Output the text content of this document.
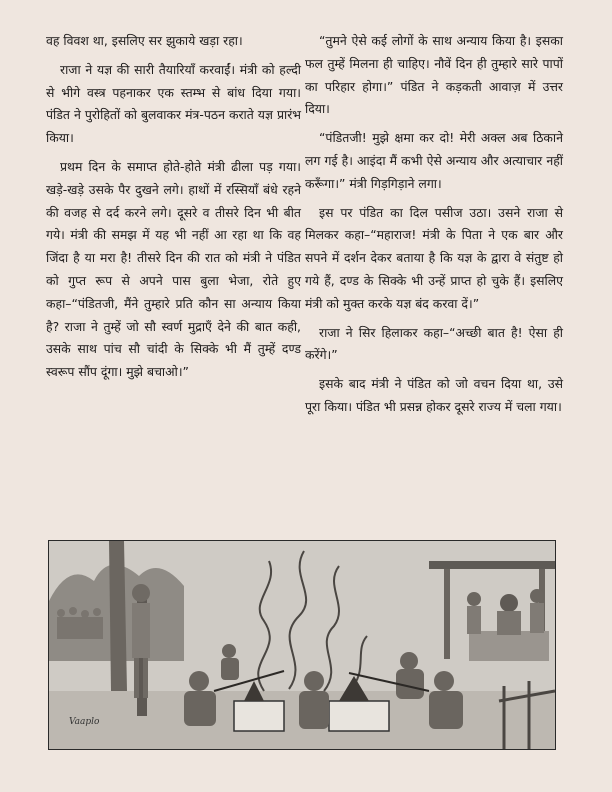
वह विवश था, इसलिए सर झुकाये खड़ा रहा।

राजा ने यज्ञ की सारी तैयारियाँ करवाईं। मंत्री को हल्दी से भीगे वस्त्र पहनाकर एक स्तम्भ से बांध दिया गया। पंडित ने पुरोहितों को बुलवाकर मंत्र-पठन कराते यज्ञ प्रारंभ किया।

प्रथम दिन के समाप्त होते-होते मंत्री ढीला पड़ गया। खड़े-खड़े उसके पैर दुखने लगे। हाथों में रस्सियाँ बंधे रहने की वजह से दर्द करने लगे। दूसरे व तीसरे दिन भी बीत गये। मंत्री की समझ में यह भी नहीं आ रहा था कि वह जिंदा है या मरा है! तीसरे दिन की रात को मंत्री ने पंडित को गुप्त रूप से अपने पास बुला भेजा, रोते हुए कहा–“पंडितजी, मैंने तुम्हारे प्रति कौन सा अन्याय किया है? राजा ने तुम्हें जो सौ स्वर्ण मुद्राएँ देने की बात कही, उसके साथ पांच सौ चांदी के सिक्के भी मैं तुम्हें दण्ड स्वरूप सौंप दूंगा। मुझे बचाओ।”

“तुमने ऐसे कई लोगों के साथ अन्याय किया है। इसका फल तुम्हें मिलना ही चाहिए। नौवें दिन ही तुम्हारे सारे पापों का परिहार होगा।” पंडित ने कड़कती आवाज़ में उत्तर दिया।

“पंडितजी! मुझे क्षमा कर दो! मेरी अक्ल अब ठिकाने लग गई है। आइंदा मैं कभी ऐसे अन्याय और अत्याचार नहीं करूँगा।” मंत्री गिड़गिड़ाने लगा।

इस पर पंडित का दिल पसीज उठा। उसने राजा से मिलकर कहा–“महाराज! मंत्री के पिता ने एक बार और सपने में दर्शन देकर बताया है कि यज्ञ के द्वारा वे संतुष्ट हो गये हैं, दण्ड के सिक्के भी उन्हें प्राप्त हो चुके हैं। इसलिए मंत्री को मुक्त करके यज्ञ बंद करवा दें।”

राजा ने सिर हिलाकर कहा–“अच्छी बात है! ऐसा ही करेंगे।”

इसके बाद मंत्री ने पंडित को जो वचन दिया था, उसे पूरा किया। पंडित भी प्रसन्न होकर दूसरे राज्य में चला गया।

Vaaplo
